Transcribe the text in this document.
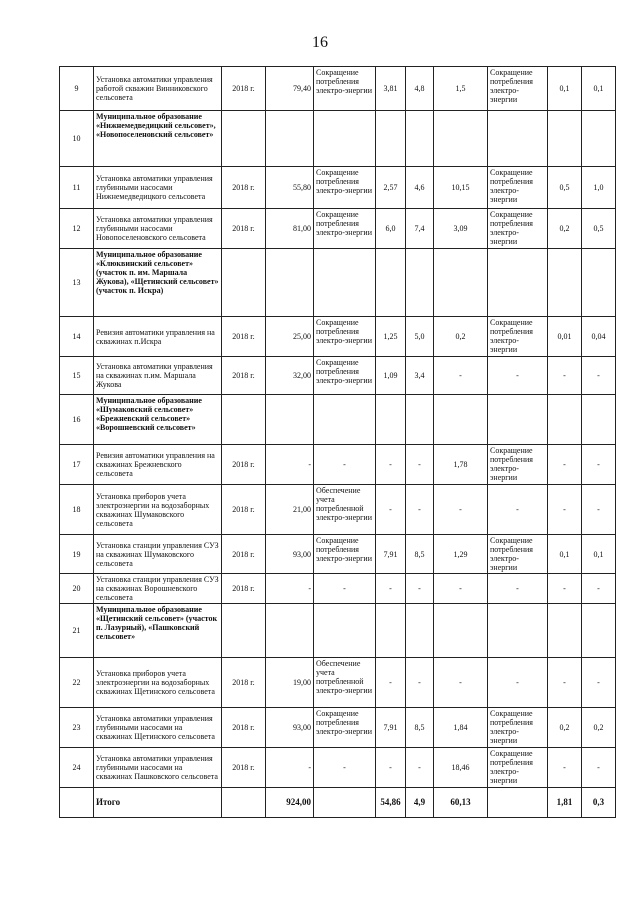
16
9	Установка автоматики управления работой скважин Винниковского сельсовета	2018 г.	79,40	Сокращение потребления электро-энергии	3,81	4,8	1,5	Сокращение потребления электро-энергии	0,1	0,1
10	Муниципальное образование «Нижнемедведицкий сельсовет», «Новопоселеновский сельсовет»									
11	Установка автоматики управления глубинными насосами Нижнемедведицкого сельсовета	2018 г.	55,80	Сокращение потребления электро-энергии	2,57	4,6	10,15	Сокращение потребления электро-энергии	0,5	1,0
12	Установка автоматики управления глубинными насосами Новопоселеновского сельсовета	2018 г.	81,00	Сокращение потребления электро-энергии	6,0	7,4	3,09	Сокращение потребления электро-энергии	0,2	0,5
13	Муниципальное образование «Клюквинский сельсовет» (участок п. им. Маршала Жукова), «Щетинский сельсовет» (участок п. Искра)									
14	Ревизия автоматики управления на скважинах п.Искра	2018 г.	25,00	Сокращение потребления электро-энергии	1,25	5,0	0,2	Сокращение потребления электро-энергии	0,01	0,04
15	Установка автоматики управления на скважинах п.им. Маршала Жукова	2018 г.	32,00	Сокращение потребления электро-энергии	1,09	3,4	-	-	-	-
16	Муниципальное образование «Шумаковский сельсовет» «Брежневский сельсовет» «Ворошневский сельсовет»									
17	Ревизия автоматики управления на скважинах Брежневского сельсовета	2018 г.	-	-	-	-	1,78	Сокращение потребления электро-энергии	-	-
18	Установка приборов учета электроэнергии на водозаборных скважинах Шумаковского сельсовета	2018 г.	21,00	Обеспечение учета потребленной электро-энергии	-	-	-	-	-	-
19	Установка станции управления СУЗ на скважинах Шумаковского сельсовета	2018 г.	93,00	Сокращение потребления электро-энергии	7,91	8,5	1,29	Сокращение потребления электро-энергии	0,1	0,1
20	Установка станции управления СУЗ на скважинах Ворошневского сельсовета	2018 г.	-	-	-	-	-	-	-	-
21	Муниципальное образование «Щетинский сельсовет» (участок п. Лазурный), «Пашковский сельсовет»									
22	Установка приборов учета электроэнергии на водозаборных скважинах Щетинского сельсовета	2018 г.	19,00	Обеспечение учета потребленной электро-энергии	-	-	-	-	-	-
23	Установка автоматики управления глубинными насосами на скважинах Щетинского сельсовета	2018 г.	93,00	Сокращение потребления электро-энергии	7,91	8,5	1,84	Сокращение потребления электро-энергии	0,2	0,2
24	Установка автоматики управления глубинными насосами на скважинах Пашковского сельсовета	2018 г.	-	-	-	-	18,46	Сокращение потребления электро-энергии	-	-
	Итого		924,00		54,86	4,9	60,13		1,81	0,3
